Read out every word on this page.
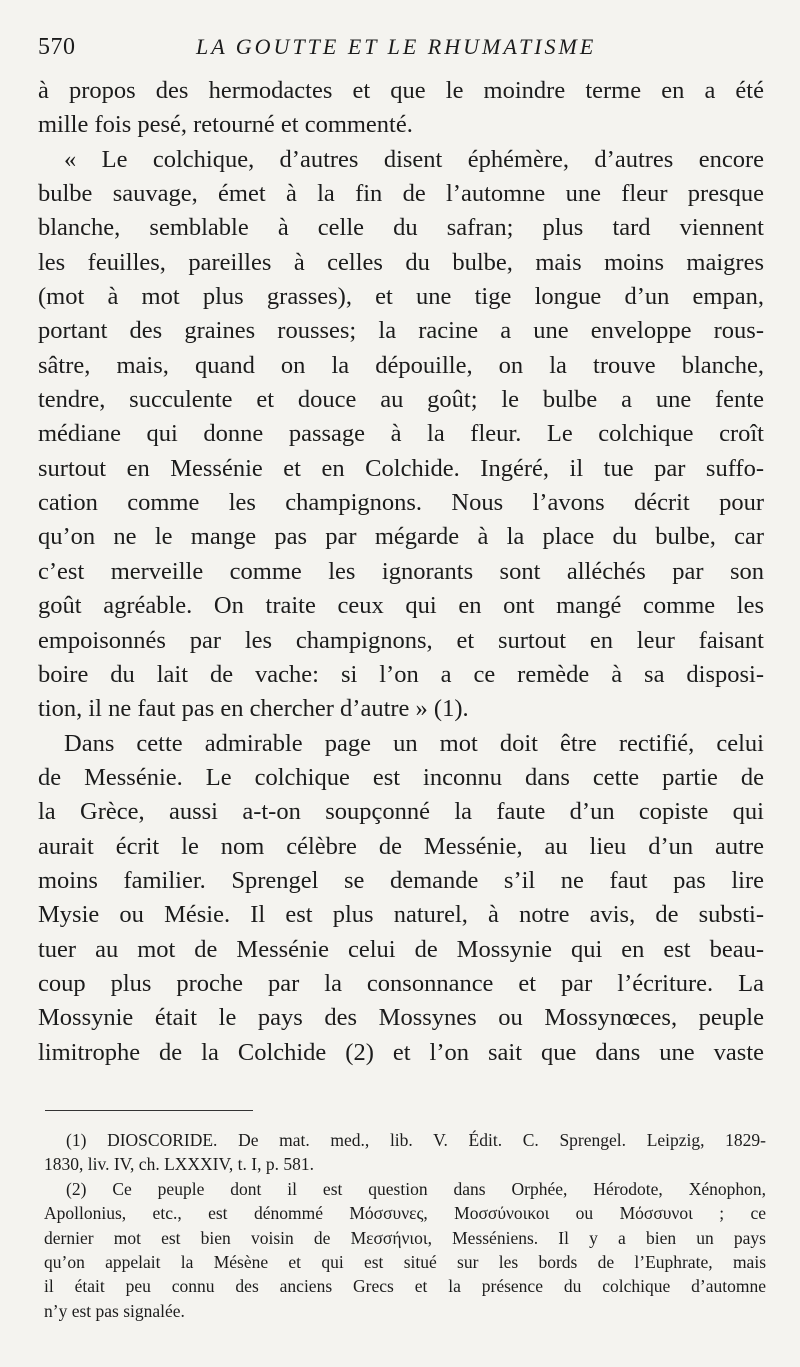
570	LA GOUTTE ET LE RHUMATISME
à propos des hermodactes et que le moindre terme en a été
mille fois pesé, retourné et commenté.
« Le colchique, d’autres disent éphémère, d’autres encore
bulbe sauvage, émet à la fin de l’automne une fleur presque
blanche, semblable à celle du safran; plus tard viennent
les feuilles, pareilles à celles du bulbe, mais moins maigres
(mot à mot plus grasses), et une tige longue d’un empan,
portant des graines rousses; la racine a une enveloppe rous-
sâtre, mais, quand on la dépouille, on la trouve blanche,
tendre, succulente et douce au goût; le bulbe a une fente
médiane qui donne passage à la fleur. Le colchique croît
surtout en Messénie et en Colchide. Ingéré, il tue par suffo-
cation comme les champignons. Nous l’avons décrit pour
qu’on ne le mange pas par mégarde à la place du bulbe, car
c’est merveille comme les ignorants sont alléchés par son
goût agréable. On traite ceux qui en ont mangé comme les
empoisonnés par les champignons, et surtout en leur faisant
boire du lait de vache: si l’on a ce remède à sa disposi-
tion, il ne faut pas en chercher d’autre » (1).
Dans cette admirable page un mot doit être rectifié, celui
de Messénie. Le colchique est inconnu dans cette partie de
la Grèce, aussi a-t-on soupçonné la faute d’un copiste qui
aurait écrit le nom célèbre de Messénie, au lieu d’un autre
moins familier. Sprengel se demande s’il ne faut pas lire
Mysie ou Mésie. Il est plus naturel, à notre avis, de substi-
tuer au mot de Messénie celui de Mossynie qui en est beau-
coup plus proche par la consonnance et par l’écriture. La
Mossynie était le pays des Mossynes ou Mossynœces, peuple
limitrophe de la Colchide (2) et l’on sait que dans une vaste
(1) DIOSCORIDE. De mat. med., lib. V. Édit. C. Sprengel. Leipzig, 1829-
1830, liv. IV, ch. LXXXIV, t. I, p. 581.
(2) Ce peuple dont il est question dans Orphée, Hérodote, Xénophon,
Apollonius, etc., est dénommé Μόσσυνες, Μοσσύνοικοι ou Μόσσυνοι ; ce
dernier mot est bien voisin de Μεσσήνιοι, Messéniens. Il y a bien un pays
qu’on appelait la Mésène et qui est situé sur les bords de l’Euphrate, mais
il était peu connu des anciens Grecs et la présence du colchique d’automne
n’y est pas signalée.
